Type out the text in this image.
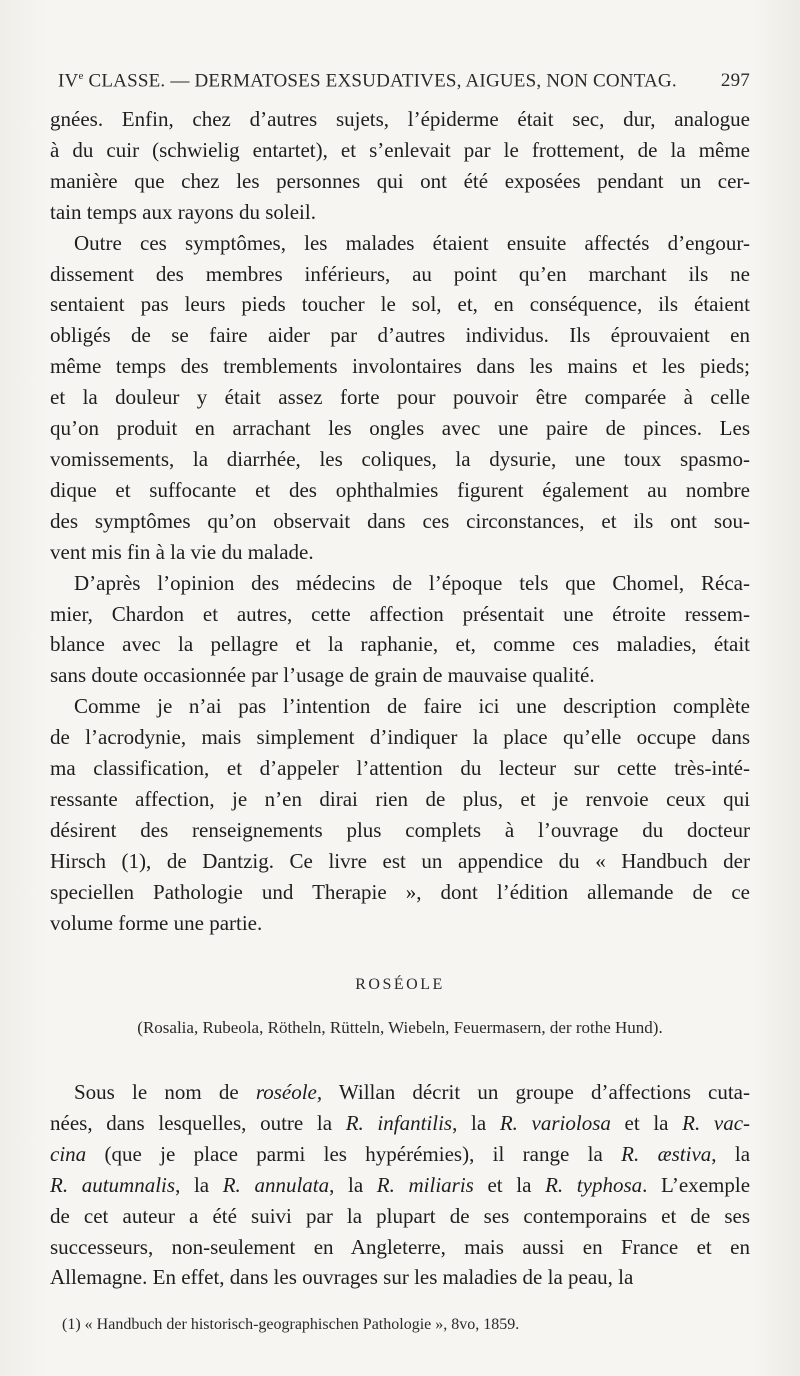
IVe CLASSE. — DERMATOSES EXSUDATIVES, AIGUES, NON CONTAG. 297
gnées. Enfin, chez d’autres sujets, l’épiderme était sec, dur, analogue
à du cuir (schwielig entartet), et s’enlevait par le frottement, de la même
manière que chez les personnes qui ont été exposées pendant un cer-
tain temps aux rayons du soleil.
Outre ces symptômes, les malades étaient ensuite affectés d’engour-
dissement des membres inférieurs, au point qu’en marchant ils ne
sentaient pas leurs pieds toucher le sol, et, en conséquence, ils étaient
obligés de se faire aider par d’autres individus. Ils éprouvaient en
même temps des tremblements involontaires dans les mains et les pieds;
et la douleur y était assez forte pour pouvoir être comparée à celle
qu’on produit en arrachant les ongles avec une paire de pinces. Les
vomissements, la diarrhée, les coliques, la dysurie, une toux spasmo-
dique et suffocante et des ophthalmies figurent également au nombre
des symptômes qu’on observait dans ces circonstances, et ils ont sou-
vent mis fin à la vie du malade.
D’après l’opinion des médecins de l’époque tels que Chomel, Réca-
mier, Chardon et autres, cette affection présentait une étroite ressem-
blance avec la pellagre et la raphanie, et, comme ces maladies, était
sans doute occasionnée par l’usage de grain de mauvaise qualité.
Comme je n’ai pas l’intention de faire ici une description complète
de l’acrodynie, mais simplement d’indiquer la place qu’elle occupe dans
ma classification, et d’appeler l’attention du lecteur sur cette très-inté-
ressante affection, je n’en dirai rien de plus, et je renvoie ceux qui
désirent des renseignements plus complets à l’ouvrage du docteur
Hirsch (1), de Dantzig. Ce livre est un appendice du « Handbuch der
speciellen Pathologie und Therapie », dont l’édition allemande de ce
volume forme une partie.
ROSÉOLE
(Rosalia, Rubeola, Rötheln, Rütteln, Wiebeln, Feuermasern, der rothe Hund).
Sous le nom de roséole, Willan décrit un groupe d’affections cuta-
nées, dans lesquelles, outre la R. infantilis, la R. variolosa et la R. vac-
cina (que je place parmi les hypérémies), il range la R. æstiva, la
R. autumnalis, la R. annulata, la R. miliaris et la R. typhosa. L’exemple
de cet auteur a été suivi par la plupart de ses contemporains et de ses
successeurs, non-seulement en Angleterre, mais aussi en France et en
Allemagne. En effet, dans les ouvrages sur les maladies de la peau, la
(1) « Handbuch der historisch-geographischen Pathologie », 8vo, 1859.
